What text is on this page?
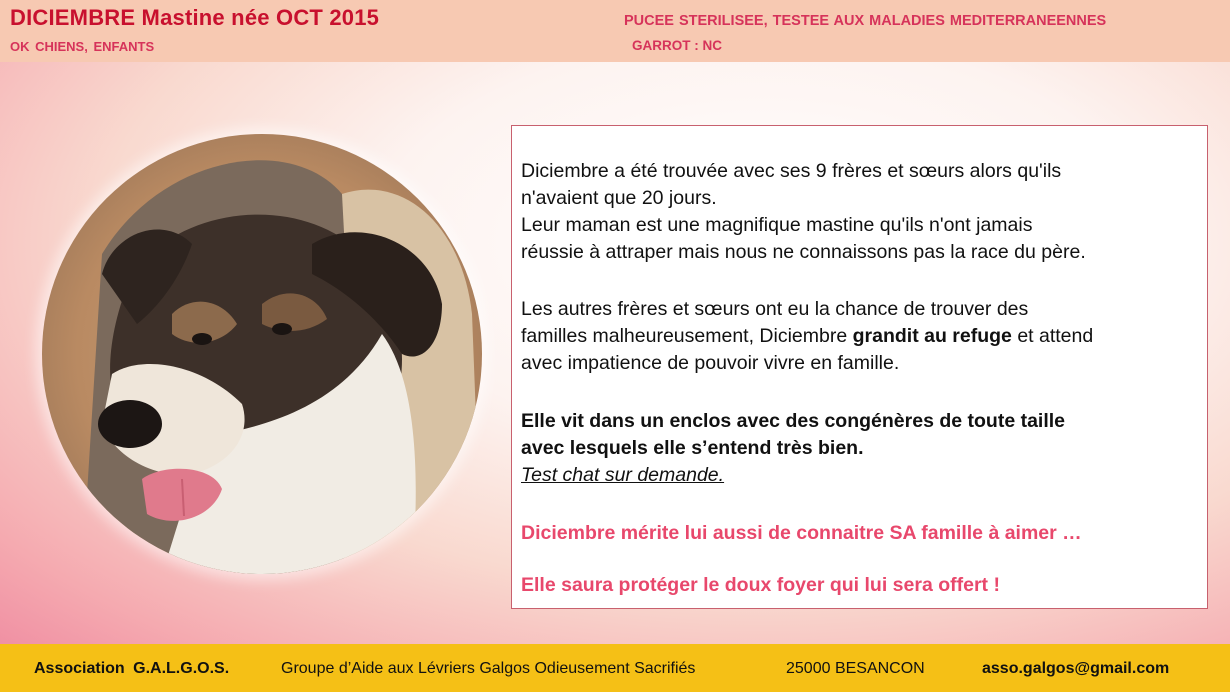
DICIEMBRE Mastine née OCT 2015
OK CHIENS, ENFANTS
PUCEE STERILISEE, TESTEE AUX MALADIES MEDITERRANEENNES
GARROT : NC
Diciembre a été trouvée avec ses 9 frères et sœurs alors qu'ils
n'avaient que 20 jours.
Leur maman est une magnifique mastine qu'ils n'ont jamais
réussie à attraper mais nous ne connaissons pas la race du père.
Les autres frères et sœurs ont eu la chance de trouver des
familles malheureusement, Diciembre grandit au refuge et attend
avec impatience de pouvoir vivre en famille.
Elle vit dans un enclos avec des congénères de toute taille
avec lesquels elle s’entend très bien.
Test chat sur demande.
Diciembre mérite lui aussi de connaitre SA famille à aimer …
Elle saura protéger le doux foyer qui lui sera offert !
Association G.A.L.G.O.S.	Groupe d’Aide aux Lévriers Galgos Odieusement Sacrifiés	25000 BESANCON	asso.galgos@gmail.com
